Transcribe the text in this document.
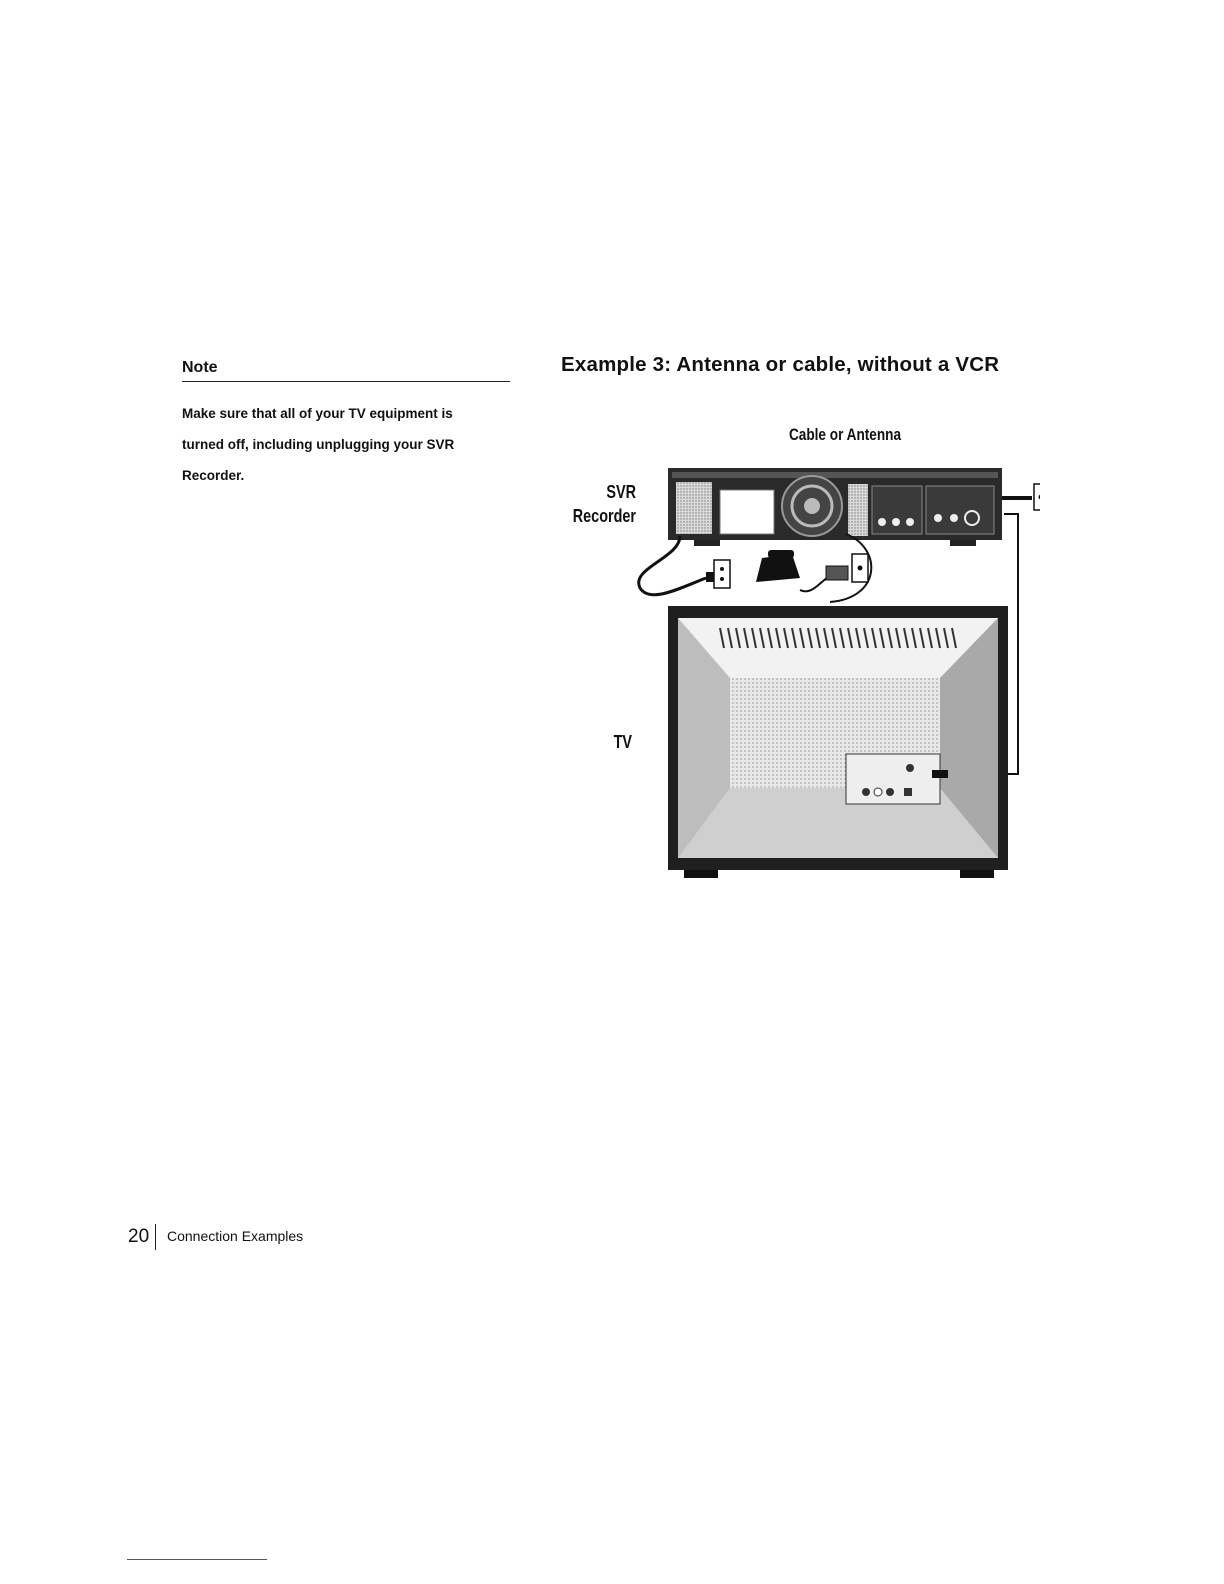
Note
Make sure that all of your TV equipment is
turned off, including unplugging your SVR
Recorder.
Example 3: Antenna or cable, without a VCR
Cable or Antenna
SVR
Recorder
TV
20	Connection Examples
